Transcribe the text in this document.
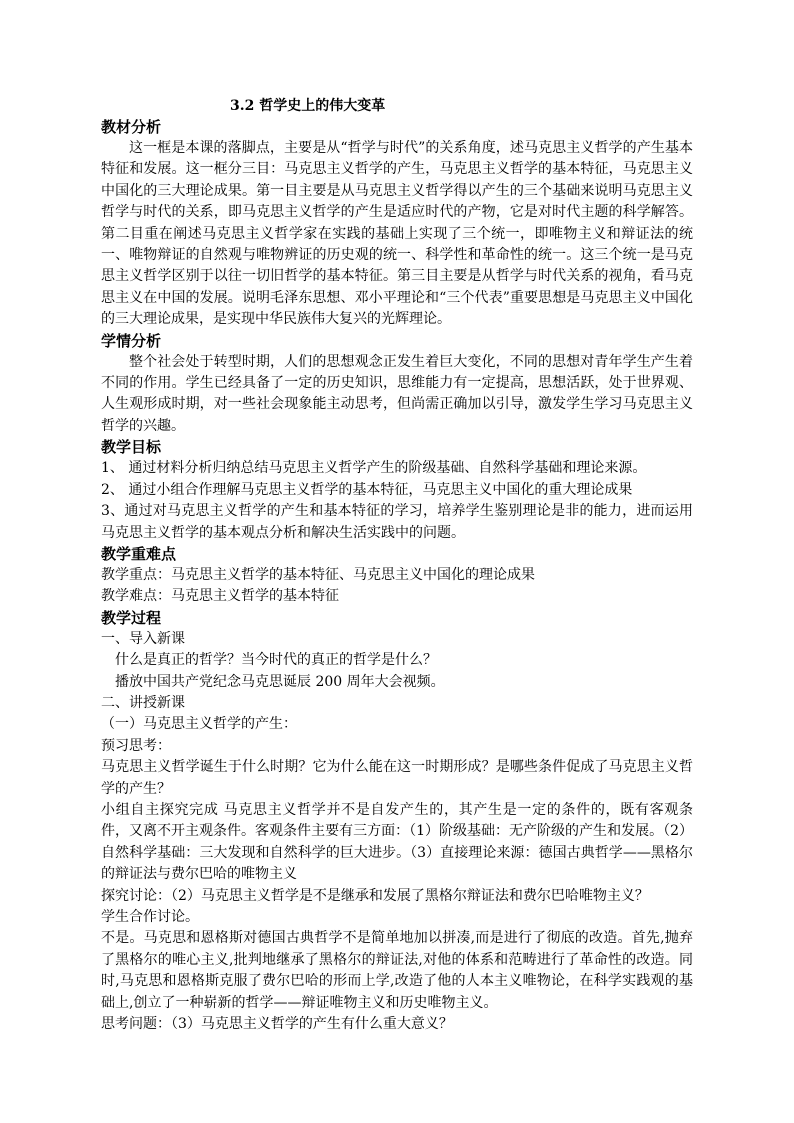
3.2 哲学史上的伟大变革
教材分析
这一框是本课的落脚点，主要是从“哲学与时代”的关系角度，述马克思主义哲学的产生基本特征和发展。这一框分三目：马克思主义哲学的产生，马克思主义哲学的基本特征，马克思主义中国化的三大理论成果。第一目主要是从马克思主义哲学得以产生的三个基础来说明马克思主义哲学与时代的关系，即马克思主义哲学的产生是适应时代的产物，它是对时代主题的科学解答。第二目重在阐述马克思主义哲学家在实践的基础上实现了三个统一，即唯物主义和辩证法的统一、唯物辩证的自然观与唯物辨证的历史观的统一、科学性和革命性的统一。这三个统一是马克思主义哲学区别于以往一切旧哲学的基本特征。第三目主要是从哲学与时代关系的视角，看马克思主义在中国的发展。说明毛泽东思想、邓小平理论和“三个代表”重要思想是马克思主义中国化的三大理论成果，是实现中华民族伟大复兴的光辉理论。
学情分析
整个社会处于转型时期，人们的思想观念正发生着巨大变化，不同的思想对青年学生产生着不同的作用。学生已经具备了一定的历史知识，思维能力有一定提高，思想活跃，处于世界观、人生观形成时期，对一些社会现象能主动思考，但尚需正确加以引导，激发学生学习马克思主义哲学的兴趣。
教学目标
1、 通过材料分析归纳总结马克思主义哲学产生的阶级基础、自然科学基础和理论来源。
2、 通过小组合作理解马克思主义哲学的基本特征，马克思主义中国化的重大理论成果
3、通过对马克思主义哲学的产生和基本特征的学习，培养学生鉴别理论是非的能力，进而运用马克思主义哲学的基本观点分析和解决生活实践中的问题。
教学重难点
教学重点：马克思主义哲学的基本特征、马克思主义中国化的理论成果
教学难点：马克思主义哲学的基本特征
教学过程
一、导入新课
什么是真正的哲学？当今时代的真正的哲学是什么？
播放中国共产党纪念马克思诞辰 200 周年大会视频。
二、讲授新课
（一）马克思主义哲学的产生：
预习思考：
马克思主义哲学诞生于什么时期？它为什么能在这一时期形成？是哪些条件促成了马克思主义哲学的产生？
小组自主探究完成 马克思主义哲学并不是自发产生的，其产生是一定的条件的，既有客观条件，又离不开主观条件。客观条件主要有三方面：（1）阶级基础：无产阶级的产生和发展。（2）自然科学基础：三大发现和自然科学的巨大进步。（3）直接理论来源：德国古典哲学——黑格尔的辩证法与费尔巴哈的唯物主义
探究讨论：（2）马克思主义哲学是不是继承和发展了黑格尔辩证法和费尔巴哈唯物主义？
学生合作讨论。
不是。马克思和恩格斯对德国古典哲学不是简单地加以拼凑,而是进行了彻底的改造。首先,抛弃了黑格尔的唯心主义,批判地继承了黑格尔的辩证法,对他的体系和范畴进行了革命性的改造。同时,马克思和恩格斯克服了费尔巴哈的形而上学,改造了他的人本主义唯物论，在科学实践观的基础上,创立了一种崭新的哲学——辩证唯物主义和历史唯物主义。
思考问题：（3）马克思主义哲学的产生有什么重大意义？
